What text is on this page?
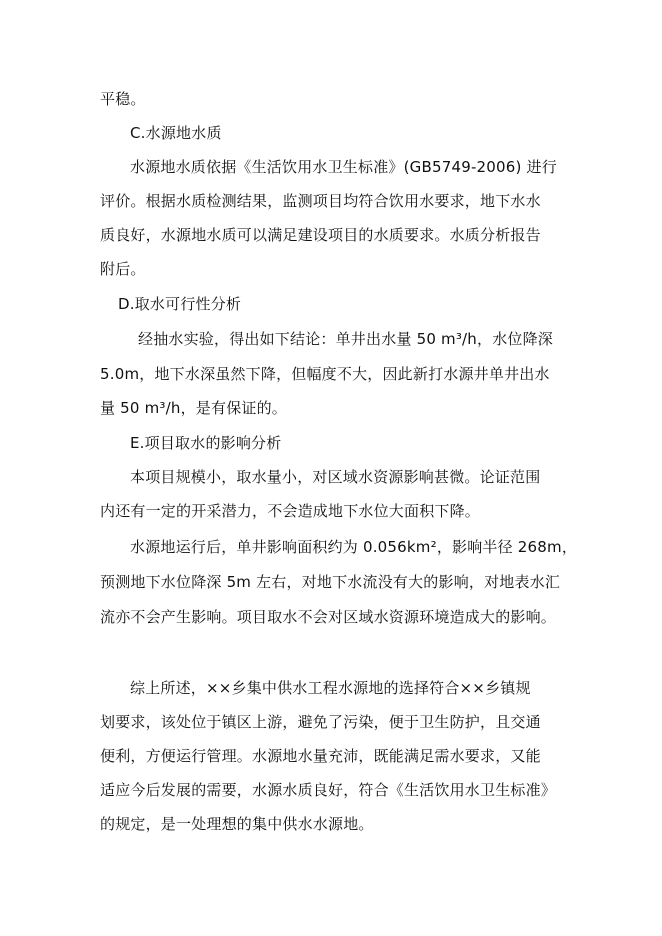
平稳。
C.水源地水质
水源地水质依据《生活饮用水卫生标准》(GB5749-2006) 进行
评价。根据水质检测结果，监测项目均符合饮用水要求，地下水水
质良好，水源地水质可以满足建设项目的水质要求。水质分析报告
附后。
D.取水可行性分析
经抽水实验，得出如下结论：单井出水量 50 m³/h，水位降深
5.0m，地下水深虽然下降，但幅度不大，因此新打水源井单井出水
量 50 m³/h，是有保证的。
E.项目取水的影响分析
本项目规模小，取水量小，对区域水资源影响甚微。论证范围
内还有一定的开采潜力，不会造成地下水位大面积下降。
水源地运行后，单井影响面积约为 0.056km²，影响半径 268m，
预测地下水位降深 5m 左右，对地下水流没有大的影响，对地表水汇
流亦不会产生影响。项目取水不会对区域水资源环境造成大的影响。
综上所述，××乡集中供水工程水源地的选择符合××乡镇规
划要求，该处位于镇区上游，避免了污染，便于卫生防护，且交通
便利，方便运行管理。水源地水量充沛，既能满足需水要求，又能
适应今后发展的需要，水源水质良好，符合《生活饮用水卫生标准》
的规定，是一处理想的集中供水水源地。
